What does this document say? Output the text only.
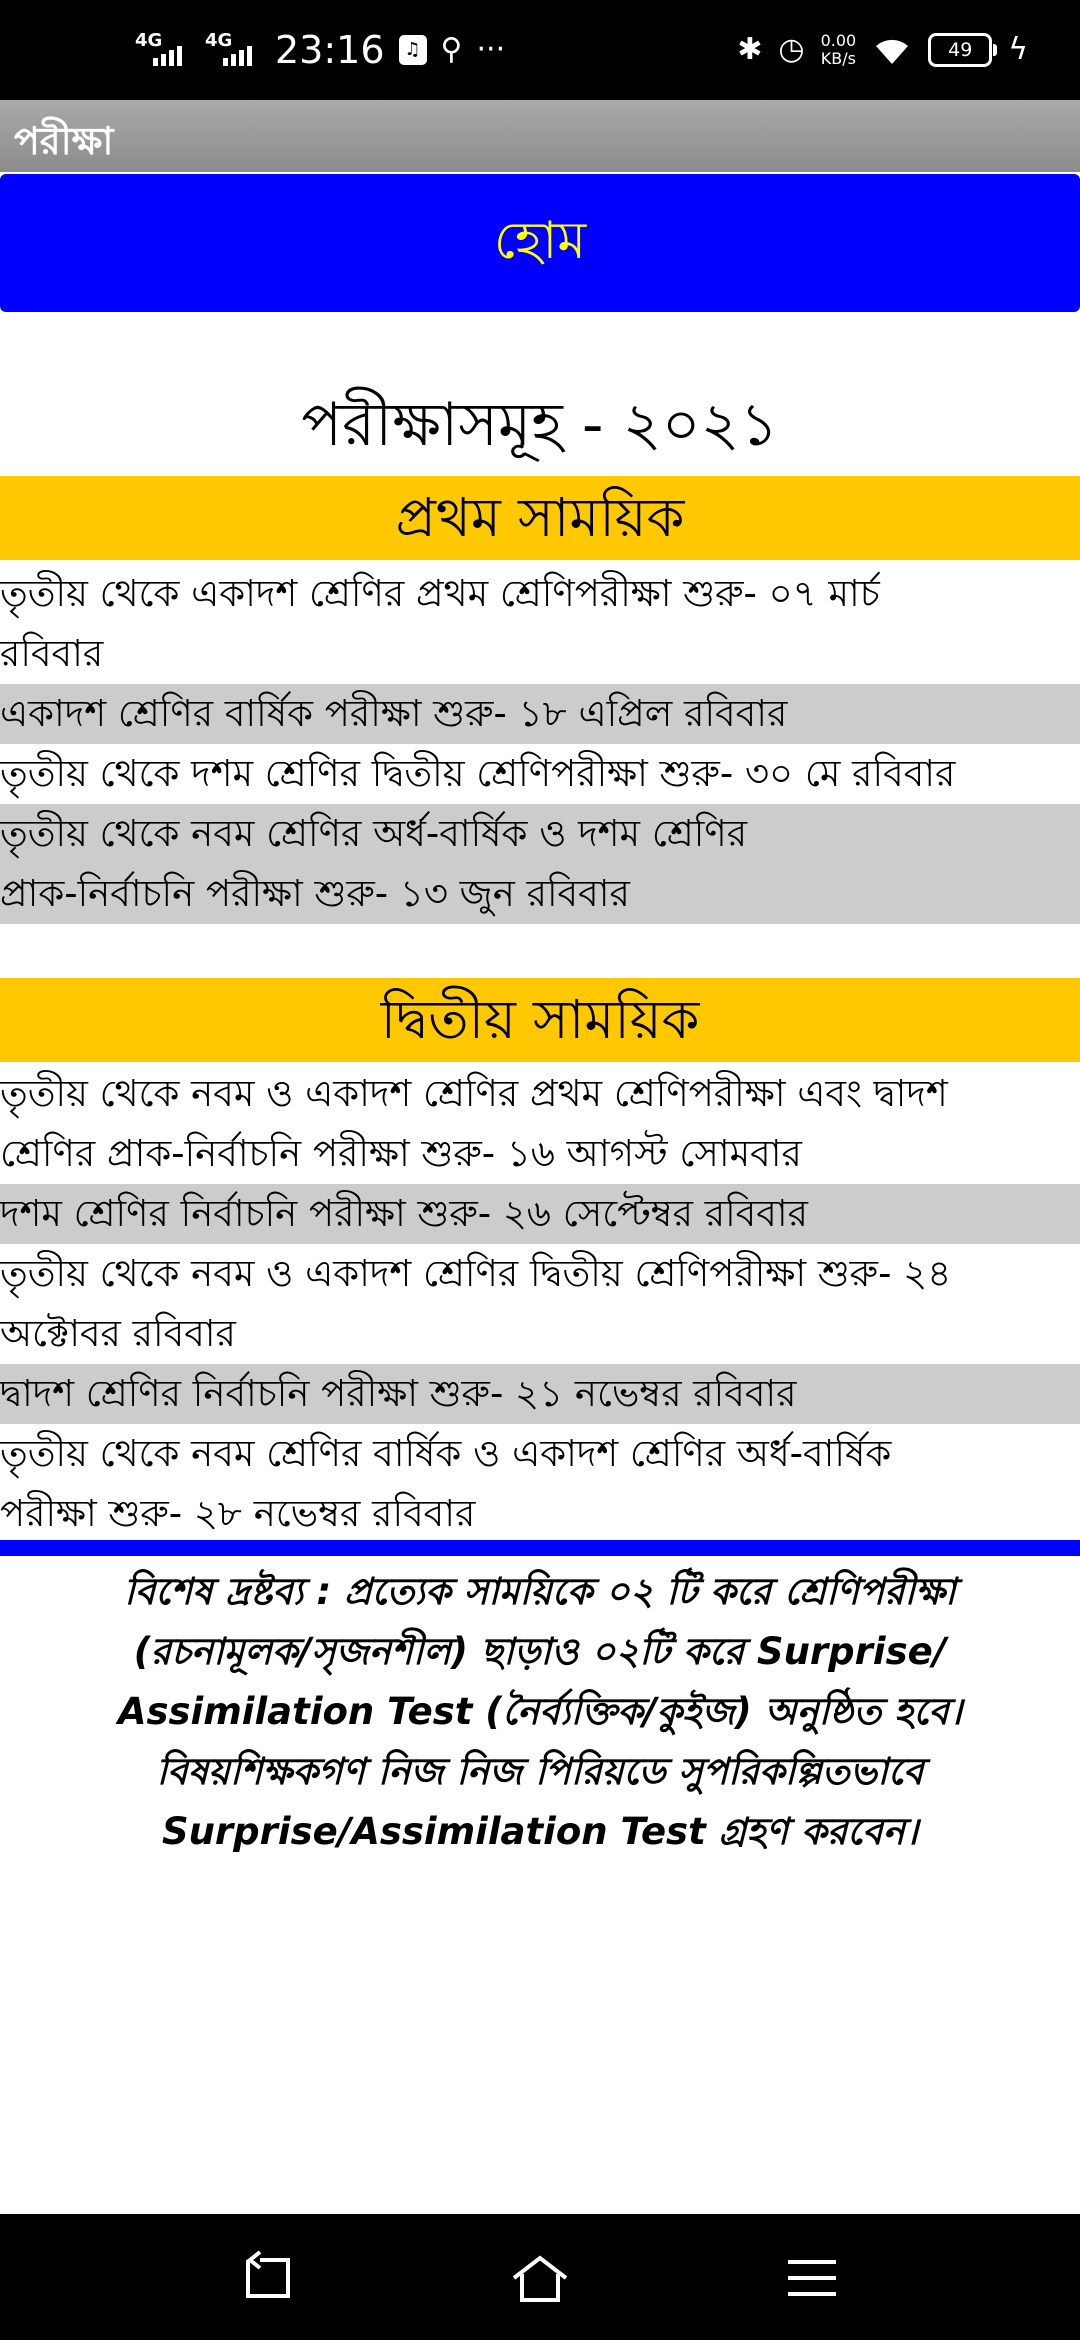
4G 4G 23:16	♫ ⚲ ···	✱ ◷ 0.00
KB/s	49	ϟ
পরীক্ষা
হোম
পরীক্ষাসমূহ - ২০২১
প্রথম সাময়িক
তৃতীয় থেকে একাদশ শ্রেণির প্রথম শ্রেণিপরীক্ষা শুরু- ০৭ মার্চ
রবিবার
একাদশ শ্রেণির বার্ষিক পরীক্ষা শুরু- ১৮ এপ্রিল রবিবার
তৃতীয় থেকে দশম শ্রেণির দ্বিতীয় শ্রেণিপরীক্ষা শুরু- ৩০ মে রবিবার
তৃতীয় থেকে নবম শ্রেণির অর্ধ-বার্ষিক ও দশম শ্রেণির
প্রাক-নির্বাচনি পরীক্ষা শুরু- ১৩ জুন রবিবার
দ্বিতীয় সাময়িক
তৃতীয় থেকে নবম ও একাদশ শ্রেণির প্রথম শ্রেণিপরীক্ষা এবং দ্বাদশ
শ্রেণির প্রাক-নির্বাচনি পরীক্ষা শুরু- ১৬ আগস্ট সোমবার
দশম শ্রেণির নির্বাচনি পরীক্ষা শুরু- ২৬ সেপ্টেম্বর রবিবার
তৃতীয় থেকে নবম ও একাদশ শ্রেণির দ্বিতীয় শ্রেণিপরীক্ষা শুরু- ২৪
অক্টোবর রবিবার
দ্বাদশ শ্রেণির নির্বাচনি পরীক্ষা শুরু- ২১ নভেম্বর রবিবার
তৃতীয় থেকে নবম শ্রেণির বার্ষিক ও একাদশ শ্রেণির অর্ধ-বার্ষিক
পরীক্ষা শুরু- ২৮ নভেম্বর রবিবার
বিশেষ দ্রষ্টব্য : প্রত্যেক সাময়িকে ০২ টি করে শ্রেণিপরীক্ষা
(রচনামূলক/সৃজনশীল) ছাড়াও ০২টি করে Surprise/
Assimilation Test (নৈর্ব্যক্তিক/কুইজ) অনুষ্ঠিত হবে।
বিষয়শিক্ষকগণ নিজ নিজ পিরিয়ডে সুপরিকল্পিতভাবে
Surprise/Assimilation Test গ্রহণ করবেন।
